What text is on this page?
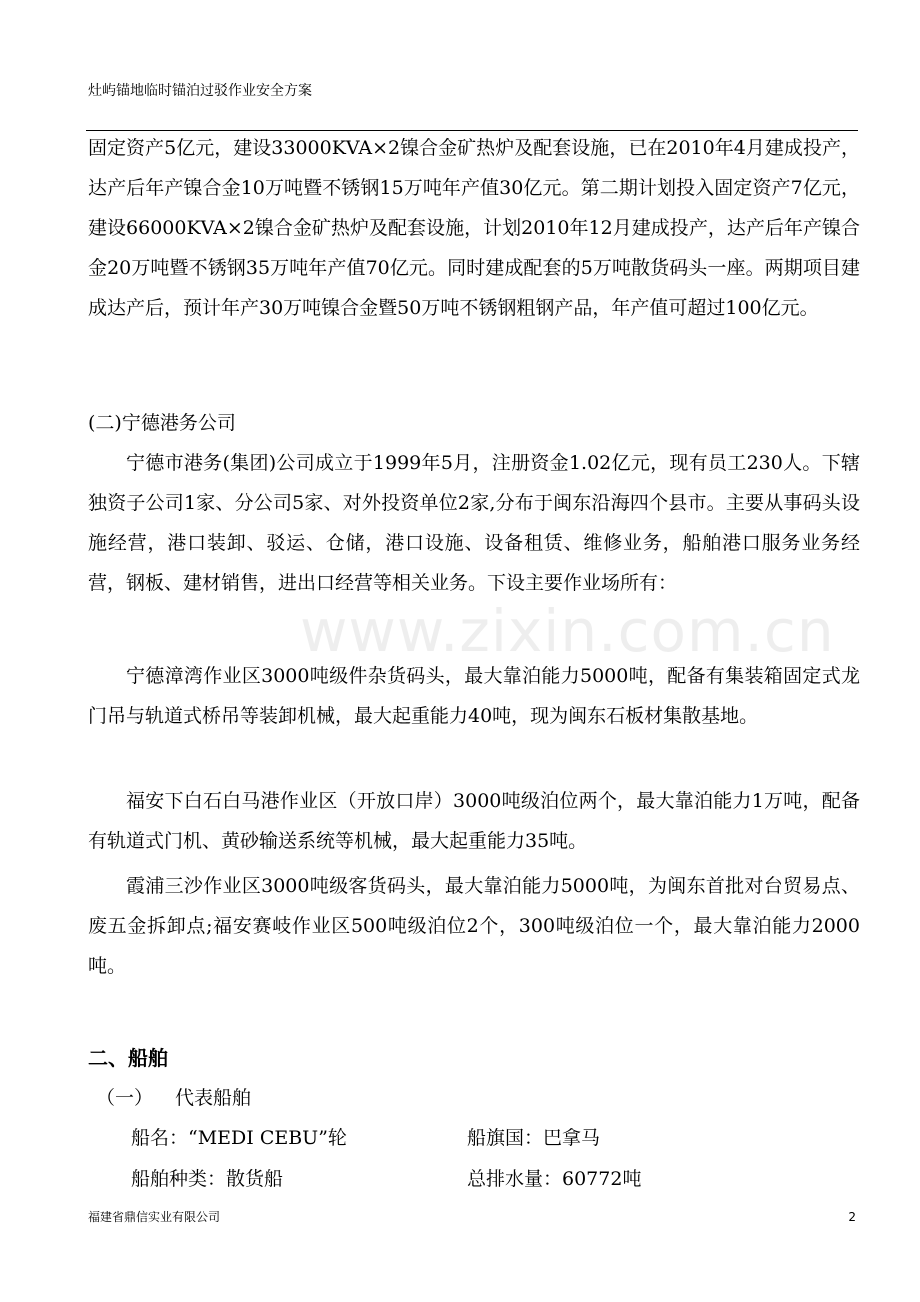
灶屿锚地临时锚泊过驳作业安全方案
固定资产5亿元，建设33000KVA×2镍合金矿热炉及配套设施，已在2010年4月建成投产，达产后年产镍合金10万吨暨不锈钢15万吨年产值30亿元。第二期计划投入固定资产7亿元，建设66000KVA×2镍合金矿热炉及配套设施，计划2010年12月建成投产，达产后年产镍合金20万吨暨不锈钢35万吨年产值70亿元。同时建成配套的5万吨散货码头一座。两期项目建成达产后，预计年产30万吨镍合金暨50万吨不锈钢粗钢产品，年产值可超过100亿元。
(二)宁德港务公司
宁德市港务(集团)公司成立于1999年5月，注册资金1.02亿元，现有员工230人。下辖独资子公司1家、分公司5家、对外投资单位2家,分布于闽东沿海四个县市。主要从事码头设施经营，港口装卸、驳运、仓储，港口设施、设备租赁、维修业务，船舶港口服务业务经营，钢板、建材销售，进出口经营等相关业务。下设主要作业场所有：
宁德漳湾作业区3000吨级件杂货码头，最大靠泊能力5000吨，配备有集装箱固定式龙门吊与轨道式桥吊等装卸机械，最大起重能力40吨，现为闽东石板材集散基地。
福安下白石白马港作业区（开放口岸）3000吨级泊位两个，最大靠泊能力1万吨，配备有轨道式门机、黄砂输送系统等机械，最大起重能力35吨。
霞浦三沙作业区3000吨级客货码头，最大靠泊能力5000吨，为闽东首批对台贸易点、废五金拆卸点;福安赛岐作业区500吨级泊位2个，300吨级泊位一个，最大靠泊能力2000吨。
二、船舶
（一） 代表船舶
船名：“MEDI CEBU”轮	船旗国：巴拿马
船舶种类：散货船	总排水量：60772吨
www.zixin.com.cn
福建省鼎信实业有限公司	2
